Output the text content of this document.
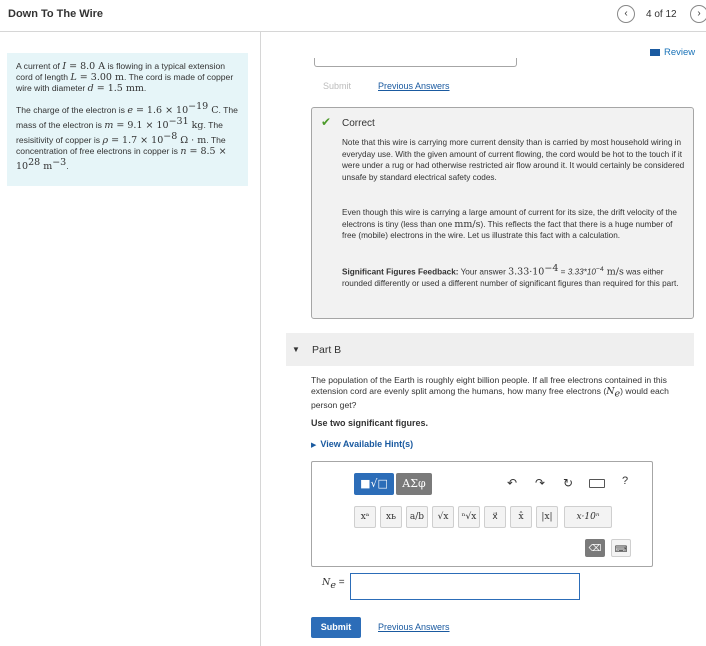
Down To The Wire	‹	4 of 12	›

A current of I = 8.0 A is flowing in a typical extension cord of length L = 3.00 m. The cord is made of copper wire with diameter d = 1.5 mm.

The charge of the electron is $e = 1.6 \times 10^{-19}$ C. The mass of the electron is $m = 9.1 \times 10^{-31}$ kg. The resisitivity of copper is $\rho = 1.7 \times 10^{-8}$ Ω · m. The concentration of free electrons in copper is $n = 8.5 \times 10^{28}$ $m^{-3}$.

Review
Submit	Previous Answers
✔ Correct
Note that this wire is carrying more current density than is carried by most household wiring in everyday use. With the given amount of current flowing, the cord would be hot to the touch if it were under a rug or had otherwise restricted air flow around it. It would certainly be considered unsafe by standard electrical safety codes.
Even though this wire is carrying a large amount of current for its size, the drift velocity of the electrons is tiny (less than one mm/s). This reflects the fact that there is a huge number of free (mobile) electrons in the wire. Let us illustrate this fact with a calculation.
Significant Figures Feedback: Your answer $3.33\cdot 10^{-4} = 3.33*10^{-4}$ m/s was either rounded differently or used a different number of significant figures than required for this part.
▼ Part B
The population of the Earth is roughly eight billion people. If all free electrons contained in this extension cord are evenly split among the humans, how many free electrons $(N_e)$ would each person get?
Use two significant figures.
▶ View Available Hint(s)
■√□	ΑΣφ	↶ ↷ ↻	?
xᵃ	xь	a/b	√x	ⁿ√x	x⃗	x̂	|x|	x·10ⁿ
⌫	⌨
$N_e$ =
Submit	Previous Answers
